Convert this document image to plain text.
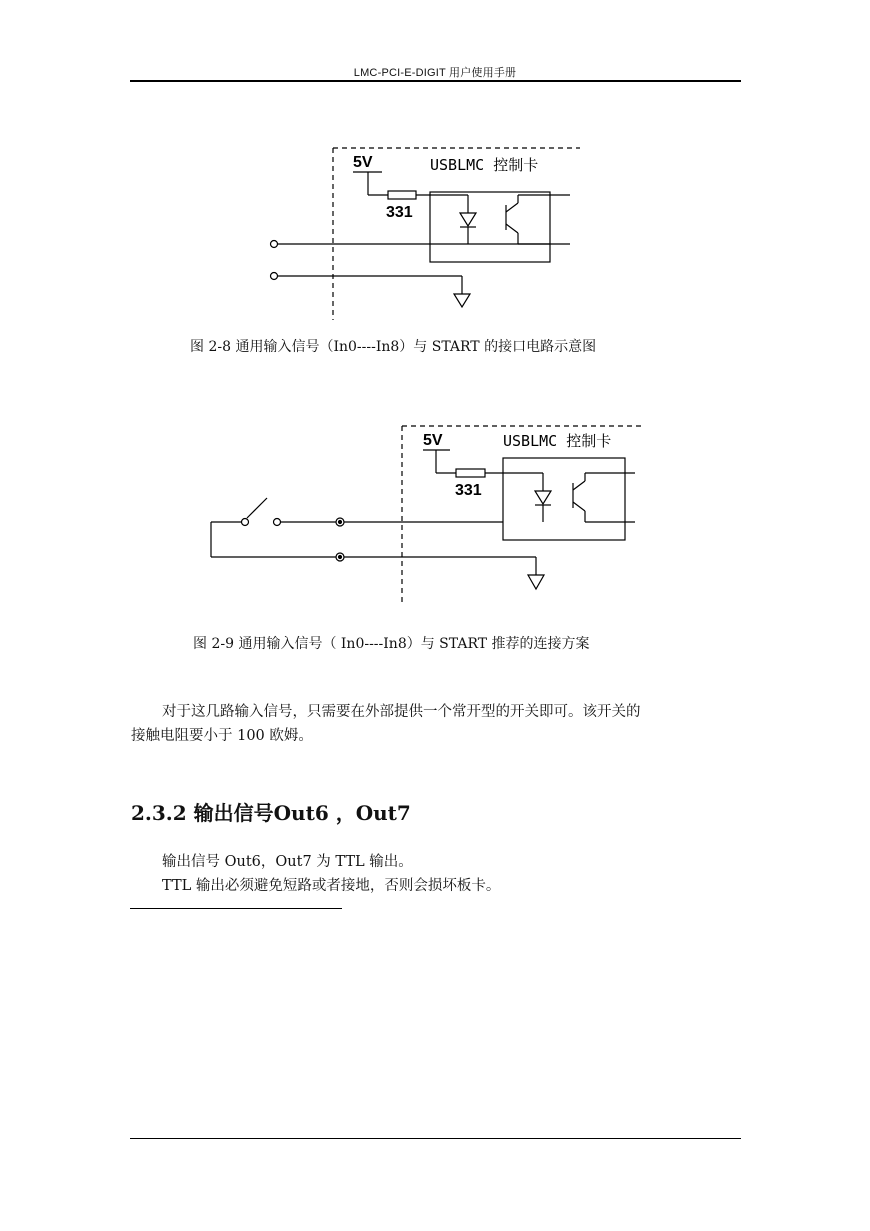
LMC-PCI-E-DIGIT 用户使用手册
5V
331
USBLMC 控制卡
图 2-8 通用输入信号（In0----In8）与 START 的接口电路示意图
5V
331
USBLMC 控制卡
图 2-9 通用输入信号（ In0----In8）与 START 推荐的连接方案
对于这几路输入信号，只需要在外部提供一个常开型的开关即可。该开关的
接触电阻要小于 100 欧姆。
2.3.2 输出信号Out6 ，Out7
输出信号 Out6，Out7 为 TTL 输出。
TTL 输出必须避免短路或者接地，否则会损坏板卡。
